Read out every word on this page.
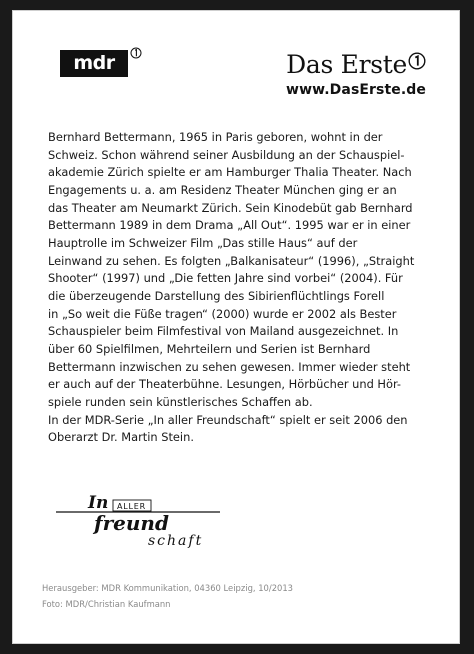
mdr	Das Erste
www.DasErste.de
Bernhard Bettermann, 1965 in Paris geboren, wohnt in der
Schweiz. Schon während seiner Ausbildung an der Schauspiel-
akademie Zürich spielte er am Hamburger Thalia Theater. Nach
Engagements u. a. am Residenz Theater München ging er an
das Theater am Neumarkt Zürich. Sein Kinodebüt gab Bernhard
Bettermann 1989 in dem Drama „All Out“. 1995 war er in einer
Hauptrolle im Schweizer Film „Das stille Haus“ auf der
Leinwand zu sehen. Es folgten „Balkanisateur“ (1996), „Straight
Shooter“ (1997) und „Die fetten Jahre sind vorbei“ (2004). Für
die überzeugende Darstellung des Sibirienflüchtlings Forell
in „So weit die Füße tragen“ (2000) wurde er 2002 als Bester
Schauspieler beim Filmfestival von Mailand ausgezeichnet. In
über 60 Spielfilmen, Mehrteilern und Serien ist Bernhard
Bettermann inzwischen zu sehen gewesen. Immer wieder steht
er auch auf der Theaterbühne. Lesungen, Hörbücher und Hör-
spiele runden sein künstlerisches Schaffen ab.
In der MDR-Serie „In aller Freundschaft“ spielt er seit 2006 den
Oberarzt Dr. Martin Stein.
In ALLER
freund
schaft
Herausgeber: MDR Kommunikation, 04360 Leipzig, 10/2013
Foto: MDR/Christian Kaufmann
